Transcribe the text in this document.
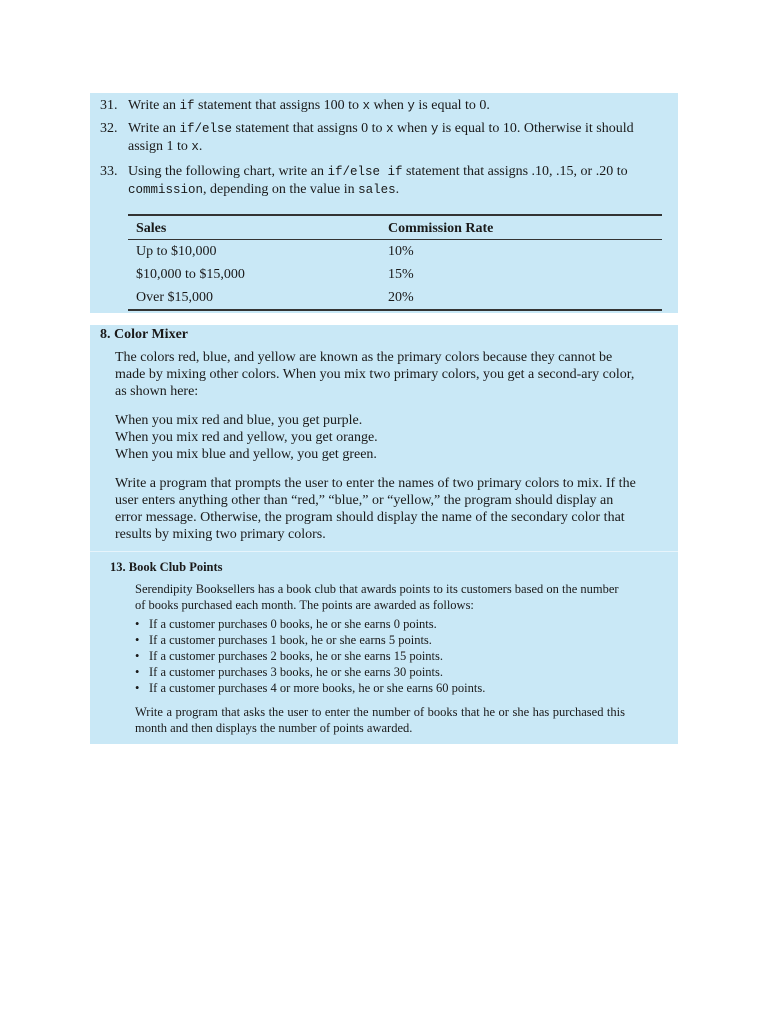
31. Write an if statement that assigns 100 to x when y is equal to 0.
32. Write an if/else statement that assigns 0 to x when y is equal to 10. Otherwise it should assign 1 to x.
33. Using the following chart, write an if/else if statement that assigns .10, .15, or .20 to commission, depending on the value in sales.
Sales	Commission Rate
Up to $10,000	10%
$10,000 to $15,000	15%
Over $15,000	20%
8. Color Mixer

The colors red, blue, and yellow are known as the primary colors because they cannot be made by mixing other colors. When you mix two primary colors, you get a second-ary color, as shown here:

When you mix red and blue, you get purple.

When you mix red and yellow, you get orange.

When you mix blue and yellow, you get green.

Write a program that prompts the user to enter the names of two primary colors to mix. If the user enters anything other than “red,” “blue,” or “yellow,” the program should display an error message. Otherwise, the program should display the name of the secondary color that results by mixing two primary colors.

13. Book Club Points
Serendipity Booksellers has a book club that awards points to its customers based on the number of books purchased each month. The points are awarded as follows:
• If a customer purchases 0 books, he or she earns 0 points.
• If a customer purchases 1 book, he or she earns 5 points.
• If a customer purchases 2 books, he or she earns 15 points.
• If a customer purchases 3 books, he or she earns 30 points.
• If a customer purchases 4 or more books, he or she earns 60 points.
Write a program that asks the user to enter the number of books that he or she has purchased this month and then displays the number of points awarded.
